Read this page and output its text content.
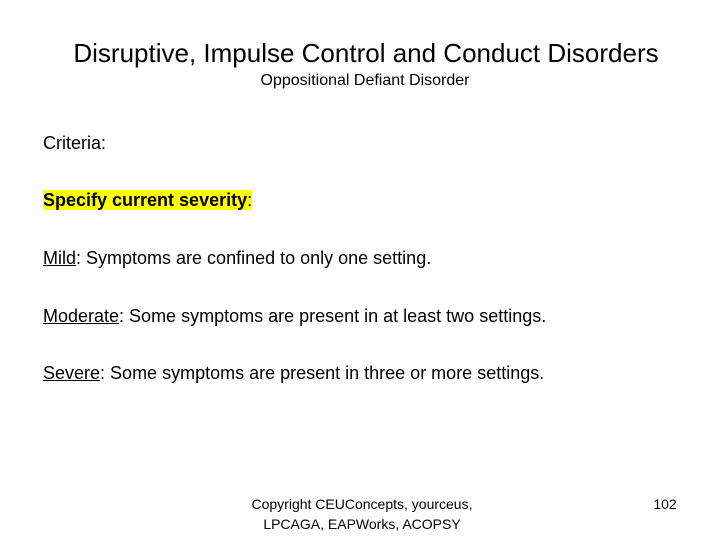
Disruptive, Impulse Control and Conduct Disorders
Oppositional Defiant Disorder
Criteria:
Specify current severity:
Mild: Symptoms are confined to only one setting.
Moderate: Some symptoms are present in at least two settings.
Severe: Some symptoms are present in three or more settings.
Copyright CEUConcepts, yourceus, LPCAGA, EAPWorks, ACOPSY
102
